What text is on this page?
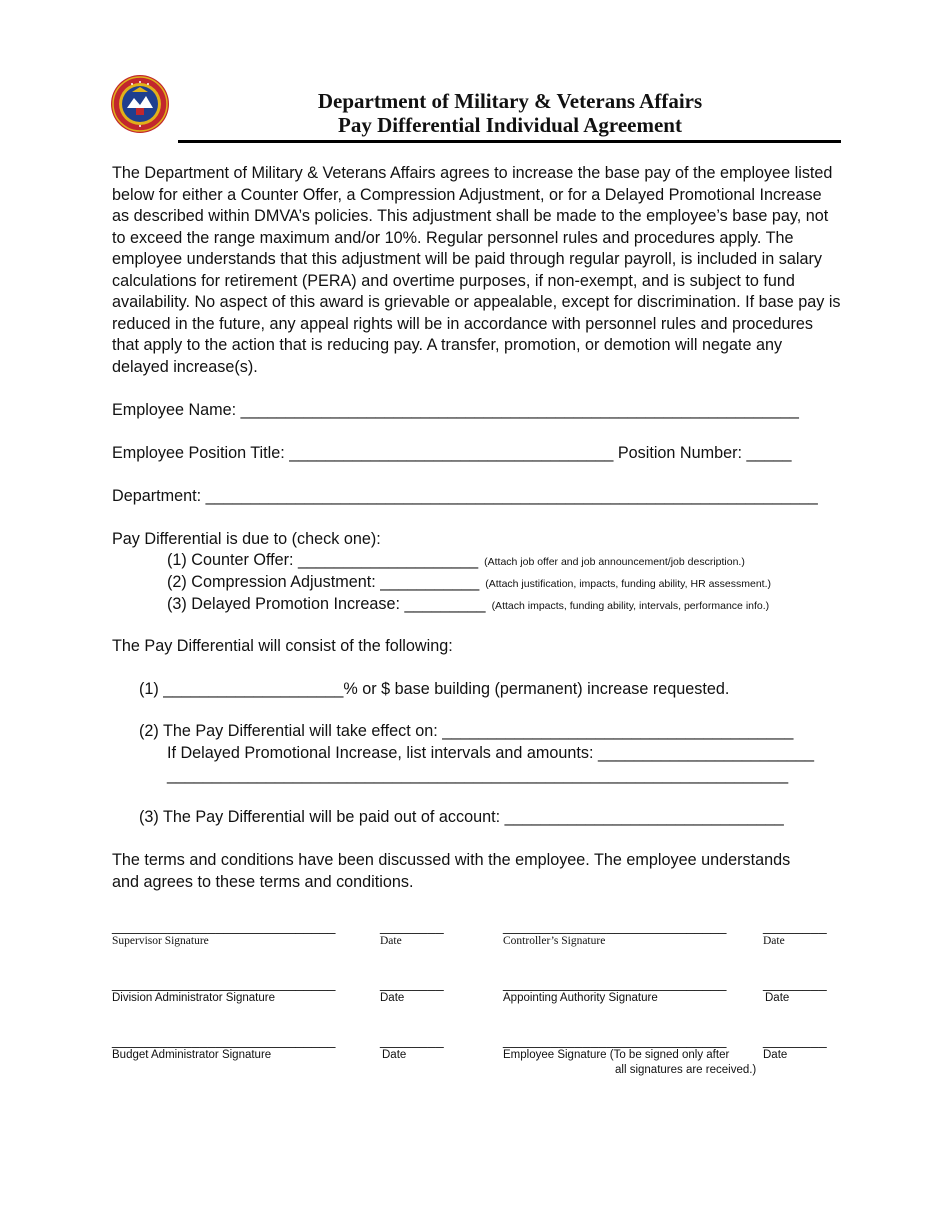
Department of Military & Veterans Affairs
Pay Differential Individual Agreement

The Department of Military & Veterans Affairs agrees to increase the base pay of the employee listed below for either a Counter Offer, a Compression Adjustment, or for a Delayed Promotional Increase as described within DMVA’s policies. This adjustment shall be made to the employee’s base pay, not to exceed the range maximum and/or 10%. Regular personnel rules and procedures apply. The employee understands that this adjustment will be paid through regular payroll, is included in salary calculations for retirement (PERA) and overtime purposes, if non-exempt, and is subject to fund availability. No aspect of this award is grievable or appealable, except for discrimination. If base pay is reduced in the future, any appeal rights will be in accordance with personnel rules and procedures that apply to the action that is reducing pay. A transfer, promotion, or demotion will negate any delayed increase(s).

Employee Name: ______________________________________________________________
Employee Position Title: ____________________________________ Position Number: _____
Department: ____________________________________________________________________
Pay Differential is due to (check one):
(1) Counter Offer: ____________________ (Attach job offer and job announcement/job description.)
(2) Compression Adjustment: ___________ (Attach justification, impacts, funding ability, HR assessment.)
(3) Delayed Promotion Increase: _________ (Attach impacts, funding ability, intervals, performance info.)
The Pay Differential will consist of the following:
(1) ____________________% or $ base building (permanent) increase requested.
(2) The Pay Differential will take effect on: _______________________________________
If Delayed Promotional Increase, list intervals and amounts: ________________________
_____________________________________________________________________
(3) The Pay Differential will be paid out of account: _______________________________
The terms and conditions have been discussed with the employee. The employee understands
and agrees to these terms and conditions.
____________________________	________
Supervisor Signature	Date
____________________________	________
Controller’s Signature	Date
____________________________	________
Division Administrator Signature	Date
____________________________	________
Appointing Authority Signature	Date
____________________________	________
Budget Administrator Signature	Date
____________________________	________
Employee Signature (To be signed only after
all signatures are received.)
Date
